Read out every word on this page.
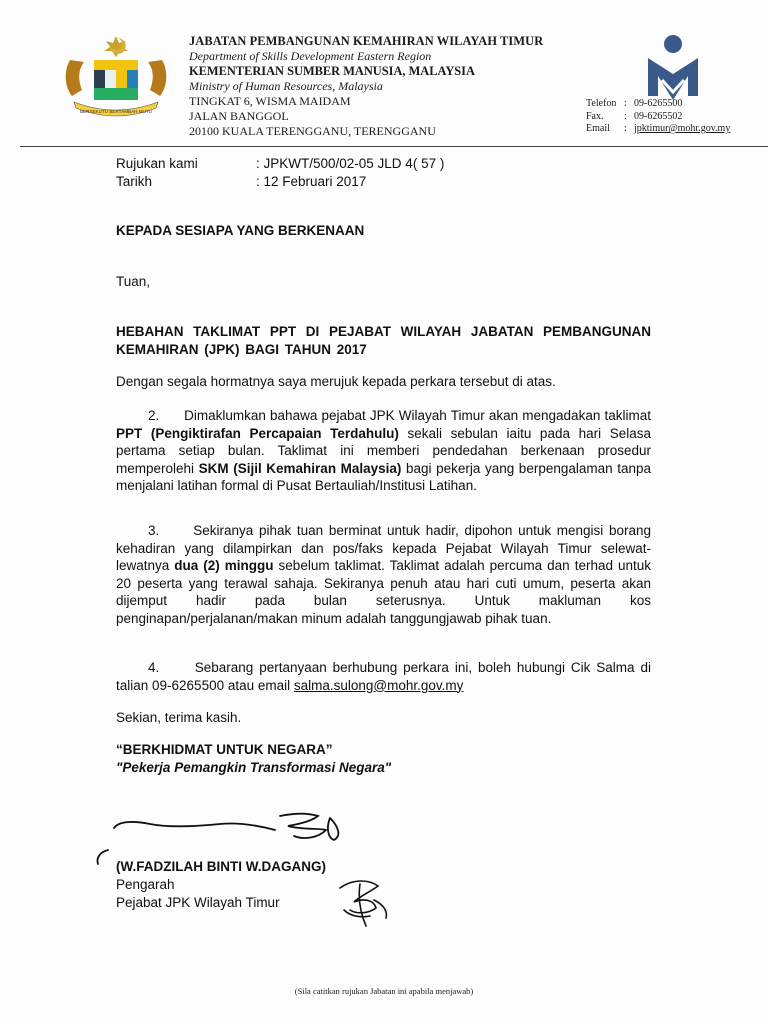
BERSEKUTU BERTAMBAH MUTU
JABATAN PEMBANGUNAN KEMAHIRAN WILAYAH TIMUR
Department of Skills Development Eastern Region
KEMENTERIAN SUMBER MANUSIA, MALAYSIA
Ministry of Human Resources, Malaysia
TINGKAT 6, WISMA MAIDAM
JALAN BANGGOL
20100 KUALA TERENGGANU, TERENGGANU
Telefon : 09-6265500
Fax.	: 09-6265502
Email	: jpktimur@mohr.gov.my
Rujukan kami	: JPKWT/500/02-05 JLD 4( 57 )
Tarikh	: 12 Februari 2017
KEPADA SESIAPA YANG BERKENAAN
Tuan,
HEBAHAN TAKLIMAT PPT DI PEJABAT WILAYAH JABATAN PEMBANGUNAN KEMAHIRAN (JPK) BAGI TAHUN 2017
Dengan segala hormatnya saya merujuk kepada perkara tersebut di atas.
2. Dimaklumkan bahawa pejabat JPK Wilayah Timur akan mengadakan taklimat PPT (Pengiktirafan Percapaian Terdahulu) sekali sebulan iaitu pada hari Selasa pertama setiap bulan. Taklimat ini memberi pendedahan berkenaan prosedur memperolehi SKM (Sijil Kemahiran Malaysia) bagi pekerja yang berpengalaman tanpa menjalani latihan formal di Pusat Bertauliah/Institusi Latihan.
3.	Sekiranya pihak tuan berminat untuk hadir, dipohon untuk mengisi borang kehadiran yang dilampirkan dan pos/faks kepada Pejabat Wilayah Timur selewat-lewatnya dua (2) minggu sebelum taklimat. Taklimat adalah percuma dan terhad untuk 20 peserta yang terawal sahaja. Sekiranya penuh atau hari cuti umum, peserta akan dijemput hadir pada bulan seterusnya. Untuk makluman kos penginapan/perjalanan/makan minum adalah tanggungjawab pihak tuan.
4.	Sebarang pertanyaan berhubung perkara ini, boleh hubungi Cik Salma di talian 09-6265500 atau email salma.sulong@mohr.gov.my
Sekian, terima kasih.
“BERKHIDMAT UNTUK NEGARA”
"Pekerja Pemangkin Transformasi Negara"
(W.FADZILAH BINTI W.DAGANG)
Pengarah
Pejabat JPK Wilayah Timur
(Sila catitkan rujukan Jabatan ini apabila menjawab)
